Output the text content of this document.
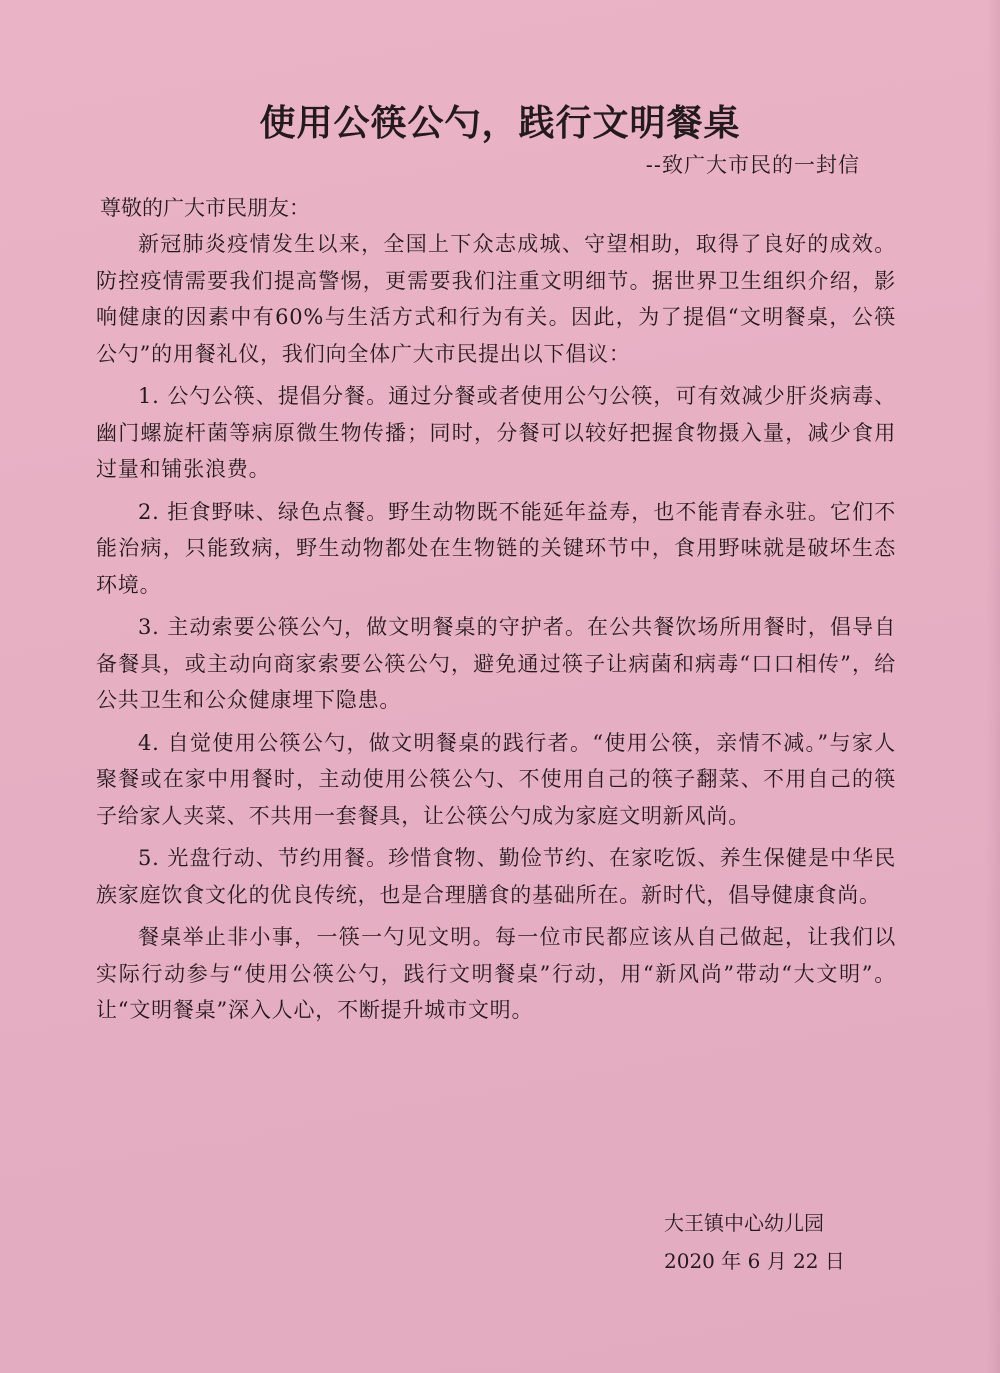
使用公筷公勺，践行文明餐桌
--致广大市民的一封信
尊敬的广大市民朋友：

新冠肺炎疫情发生以来，全国上下众志成城、守望相助，取得了良好的成效。防控疫情需要我们提高警惕，更需要我们注重文明细节。据世界卫生组织介绍，影响健康的因素中有60%与生活方式和行为有关。因此，为了提倡“文明餐桌，公筷公勺”的用餐礼仪，我们向全体广大市民提出以下倡议：

1. 公勺公筷、提倡分餐。通过分餐或者使用公勺公筷，可有效减少肝炎病毒、幽门螺旋杆菌等病原微生物传播；同时，分餐可以较好把握食物摄入量，减少食用过量和铺张浪费。

2. 拒食野味、绿色点餐。野生动物既不能延年益寿，也不能青春永驻。它们不能治病，只能致病，野生动物都处在生物链的关键环节中，食用野味就是破坏生态环境。

3. 主动索要公筷公勺，做文明餐桌的守护者。在公共餐饮场所用餐时，倡导自备餐具，或主动向商家索要公筷公勺，避免通过筷子让病菌和病毒“口口相传”，给公共卫生和公众健康埋下隐患。

4. 自觉使用公筷公勺，做文明餐桌的践行者。“使用公筷，亲情不减。”与家人聚餐或在家中用餐时，主动使用公筷公勺、不使用自己的筷子翻菜、不用自己的筷子给家人夹菜、不共用一套餐具，让公筷公勺成为家庭文明新风尚。

5. 光盘行动、节约用餐。珍惜食物、勤俭节约、在家吃饭、养生保健是中华民族家庭饮食文化的优良传统，也是合理膳食的基础所在。新时代，倡导健康食尚。

餐桌举止非小事，一筷一勺见文明。每一位市民都应该从自己做起，让我们以实际行动参与“使用公筷公勺，践行文明餐桌”行动，用“新风尚”带动“大文明”。让“文明餐桌”深入人心，不断提升城市文明。

大王镇中心幼儿园
2020 年 6 月 22 日
